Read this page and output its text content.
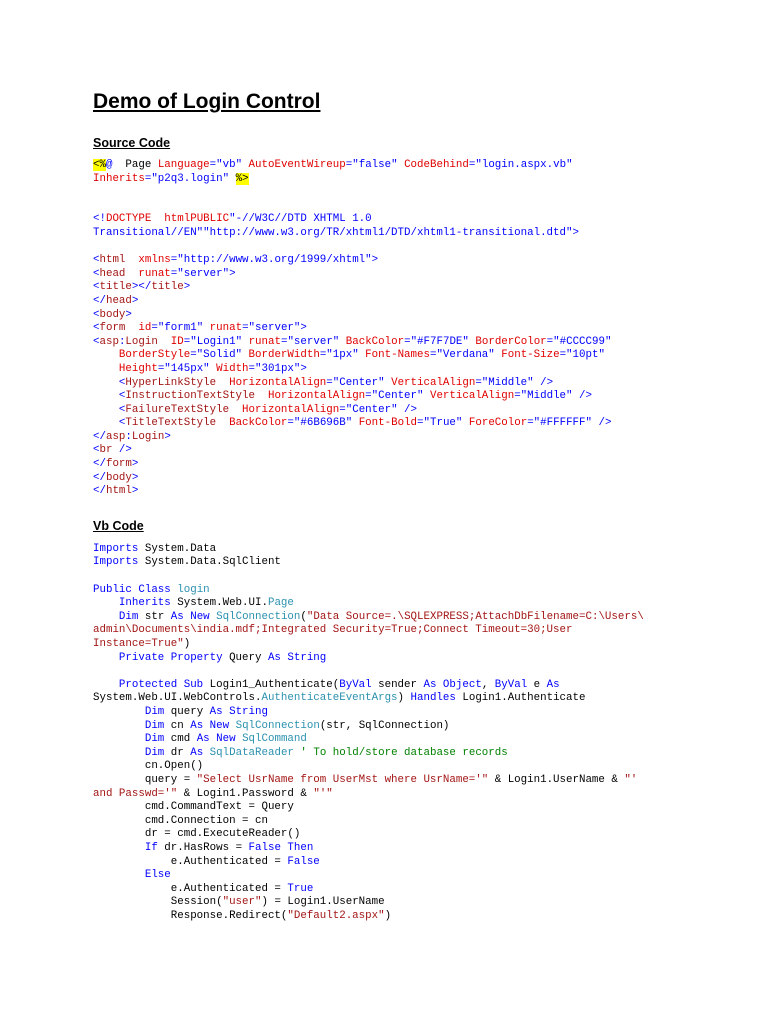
Demo of Login Control
Source Code
<%@  Page Language="vb" AutoEventWireup="false" CodeBehind="login.aspx.vb"
Inherits="p2q3.login" %>

<!DOCTYPE htmlPUBLIC"-//W3C//DTD XHTML 1.0
Transitional//EN""http://www.w3.org/TR/xhtml1/DTD/xhtml1-transitional.dtd">

<html xmlns="http://www.w3.org/1999/xhtml">
<head runat="server">
<title></title>
</head>
<body>
<form id="form1" runat="server">
<asp:Login ID="Login1" runat="server" BackColor="#F7F7DE" BorderColor="#CCCC99"
BorderStyle="Solid" BorderWidth="1px" Font-Names="Verdana" Font-Size="10pt"
Height="145px" Width="301px">
<HyperLinkStyle HorizontalAlign="Center" VerticalAlign="Middle" />
<InstructionTextStyle HorizontalAlign="Center" VerticalAlign="Middle" />
<FailureTextStyle HorizontalAlign="Center" />
<TitleTextStyle BackColor="#6B696B" Font-Bold="True" ForeColor="#FFFFFF" />
</asp:Login>
<br />
</form>
</body>
</html>
Vb Code
Imports System.Data
Imports System.Data.SqlClient

Public Class login
Inherits System.Web.UI.Page
Dim str As New SqlConnection("Data Source=.\SQLEXPRESS;AttachDbFilename=C:\Users\
admin\Documents\india.mdf;Integrated Security=True;Connect Timeout=30;User
Instance=True")
Private Property Query As String

Protected Sub Login1_Authenticate(ByVal sender As Object, ByVal e As
System.Web.UI.WebControls.AuthenticateEventArgs) Handles Login1.Authenticate
Dim query As String
Dim cn As New SqlConnection(str, SqlConnection)
Dim cmd As New SqlCommand
Dim dr As SqlDataReader ' To hold/store database records
cn.Open()
query = "Select UsrName from UserMst where UsrName='" & Login1.UserName & "'
and Passwd='" & Login1.Password & "'"
cmd.CommandText = Query
cmd.Connection = cn
dr = cmd.ExecuteReader()
If dr.HasRows = False Then
e.Authenticated = False
Else
e.Authenticated = True
Session("user") = Login1.UserName
Response.Redirect("Default2.aspx")
